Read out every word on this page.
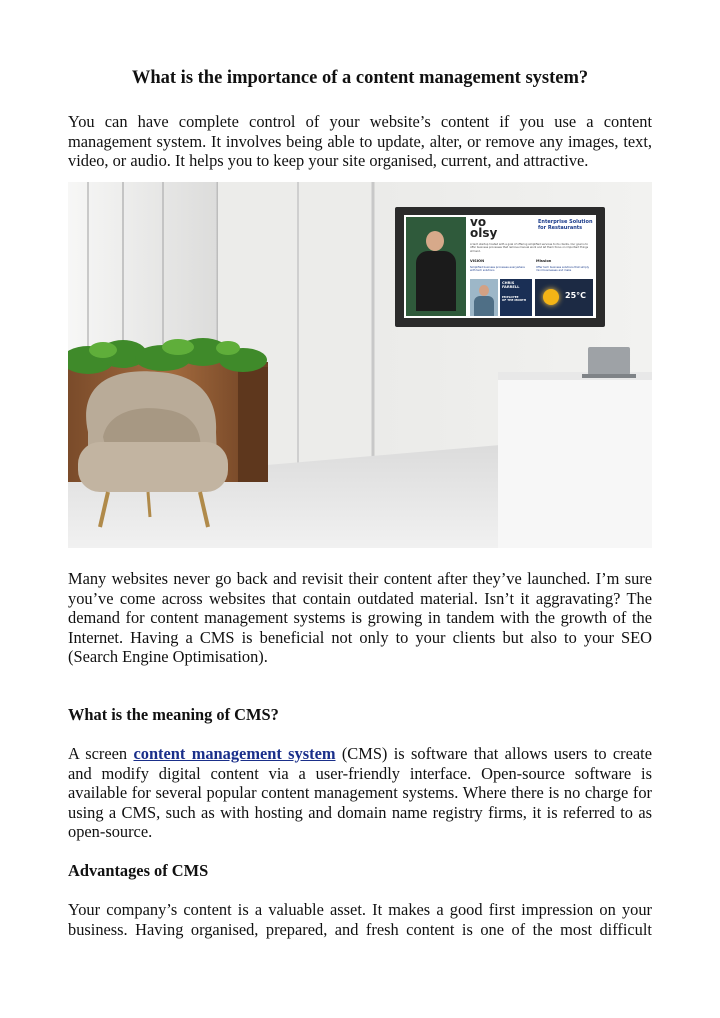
What is the importance of a content management system?

You can have complete control of your website’s content if you use a content management system. It involves being able to update, alter, or remove any images, text, video, or audio. It helps you to keep your site organised, current, and attractive.

vo
olsy
Enterprise Solution
for Restaurants
A tech startup hosted with a goal of offering simplified services to its clients. Our goal is to offer business processes that remove manual work and let them focus on important things at hand.
VISION	Mission
Simplified business processes everywhere with tech solutions
Offer tech business solutions that simply mind businesses and make
CHRIS
FARRELL
EMPLOYEE
OF THE MONTH
25°C

Many websites never go back and revisit their content after they’ve launched. I’m sure you’ve come across websites that contain outdated material. Isn’t it aggravating? The demand for content management systems is growing in tandem with the growth of the Internet. Having a CMS is beneficial not only to your clients but also to your SEO (Search Engine Optimisation).

What is the meaning of CMS?

A screen content management system (CMS) is software that allows users to create and modify digital content via a user-friendly interface. Open-source software is available for several popular content management systems. Where there is no charge for using a CMS, such as with hosting and domain name registry firms, it is referred to as open-source.

Advantages of CMS

Your company’s content is a valuable asset. It makes a good first impression on your business. Having organised, prepared, and fresh content is one of the most difficult
